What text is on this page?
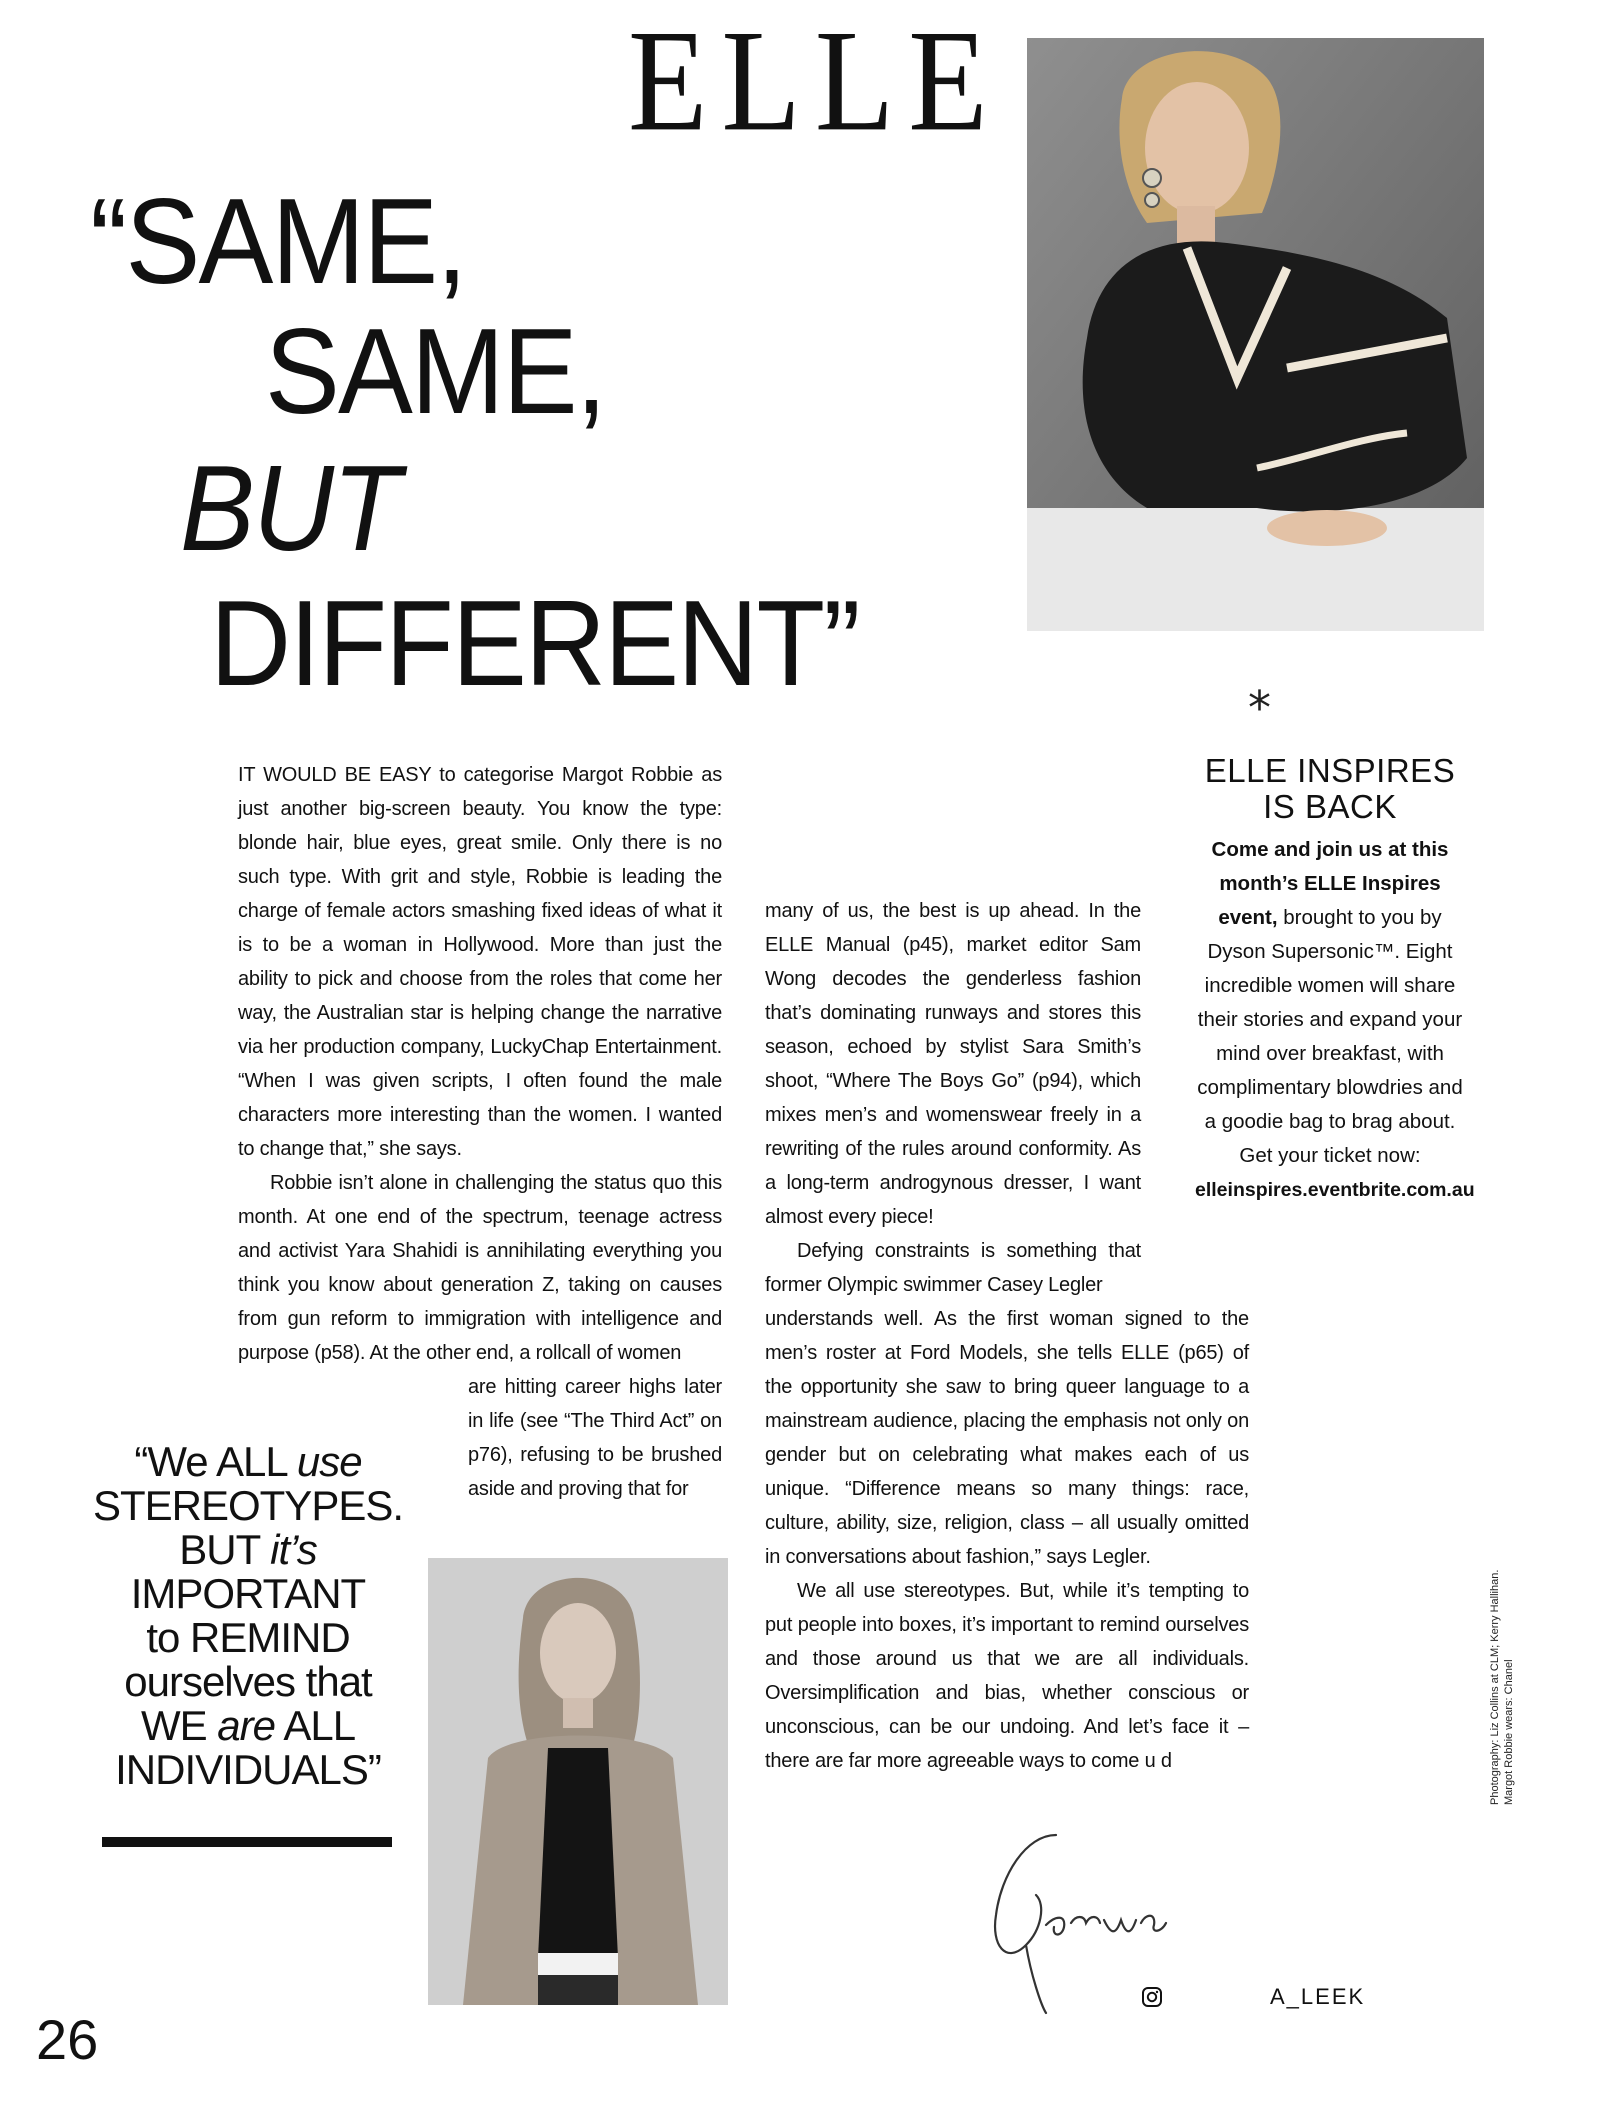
ELLE
“SAME,
SAME,
BUT
DIFFERENT”	*
ELLE INSPIRES
IS BACK

Come and join us at this month’s ELLE Inspires event, brought to you by Dyson Supersonic™. Eight incredible women will share their stories and expand your mind over breakfast, with complimentary blowdries and a goodie bag to brag about. Get your ticket now:
elleinspires.eventbrite.com.au

IT WOULD BE EASY to categorise Margot Robbie as just another big-screen beauty. You know the type: blonde hair, blue eyes, great smile. Only there is no such type. With grit and style, Robbie is leading the charge of female actors smashing fixed ideas of what it is to be a woman in Hollywood. More than just the ability to pick and choose from the roles that come her way, the Australian star is helping change the narrative via her production company, LuckyChap Entertainment. “When I was given scripts, I often found the male characters more interesting than the women. I wanted to change that,” she says.

Robbie isn’t alone in challenging the status quo this month. At one end of the spectrum, teenage actress and activist Yara Shahidi is annihilating everything you think you know about generation Z, taking on causes from gun reform to immigration with intelligence and purpose (p58). At the other end, a rollcall of women

are hitting career highs later in life (see “The Third Act” on p76), refusing to be brushed aside and proving that for

many of us, the best is up ahead. In the ELLE Manual (p45), market editor Sam Wong decodes the genderless fashion that’s dominating runways and stores this season, echoed by stylist Sara Smith’s shoot, “Where The Boys Go” (p94), which mixes men’s and womenswear freely in a rewriting of the rules around conformity. As a long-term androgynous dresser, I want almost every piece!

Defying constraints is something that former Olympic swimmer Casey Legler

understands well. As the first woman signed to the men’s roster at Ford Models, she tells ELLE (p65) of the opportunity she saw to bring queer language to a mainstream audience, placing the emphasis not only on gender but on celebrating what makes each of us unique. “Difference means so many things: race, culture, ability, size, religion, class – all usually omitted in conversations about fashion,” says Legler.

We all use stereotypes. But, while it’s tempting to put people into boxes, it’s important to remind ourselves and those around us that we are all individuals. Oversimplification and bias, whether conscious or unconscious, can be our undoing. And let’s face it – there are far more agreeable ways to come u d

“We ALL use
STEREOTYPES.
BUT it’s
IMPORTANT
to REMIND
ourselves that
WE are ALL
INDIVIDUALS”
A_LEEK
Photography: Liz Collins at CLM; Kerry Hallihan. Margot Robbie wears: Chanel
26
